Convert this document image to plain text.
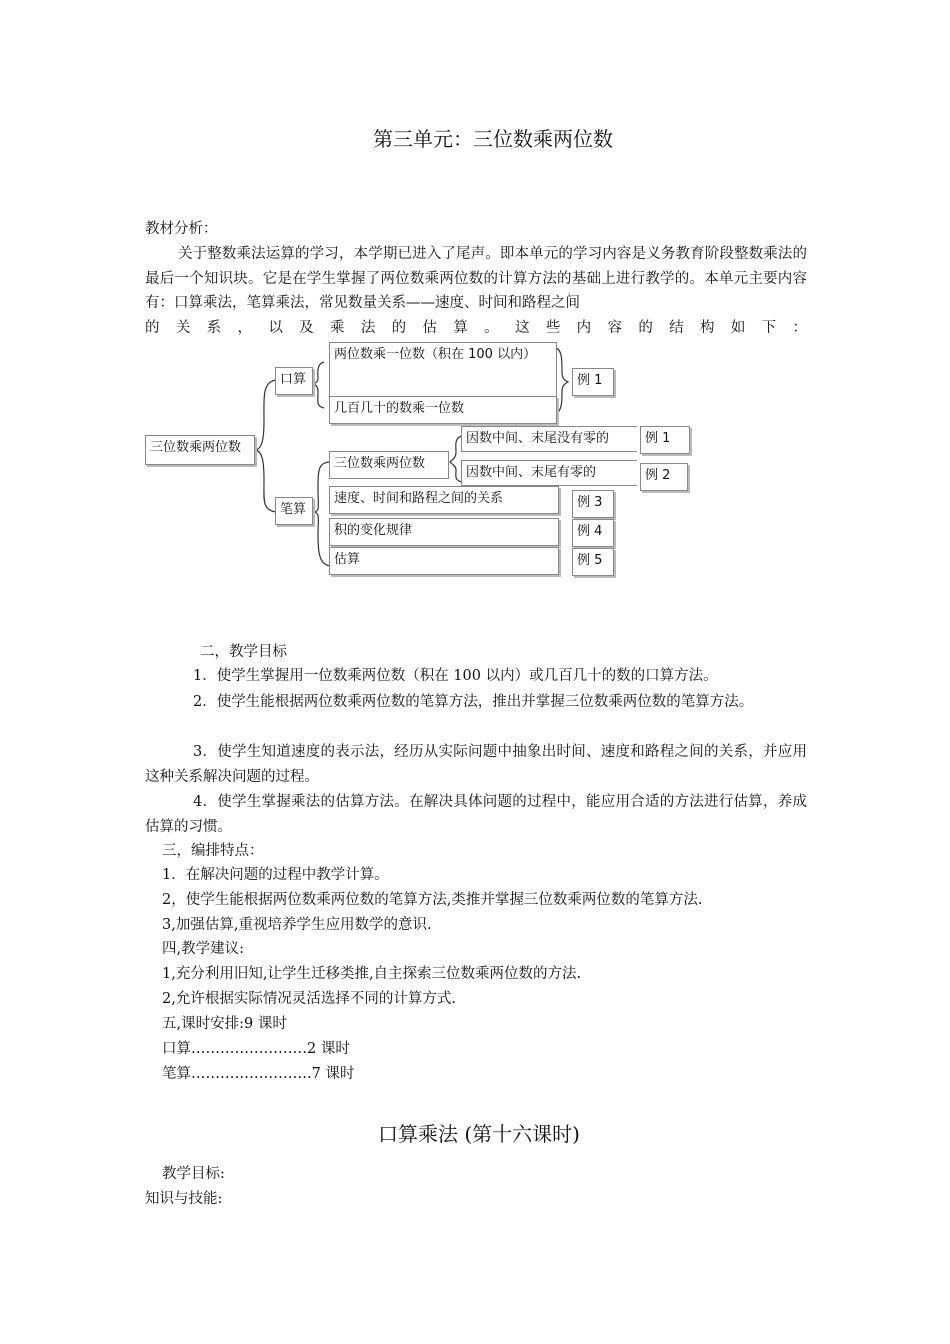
第三单元：三位数乘两位数
教材分析：
关于整数乘法运算的学习，本学期已进入了尾声。即本单元的学习内容是义务教育阶段整数乘法的最后一个知识块。它是在学生掌握了两位数乘两位数的计算方法的基础上进行教学的。本单元主要内容有：口算乘法，笔算乘法，常见数量关系——速度、时间和路程之间
的关系，以及乘法的估算。这些内容的结构如下：
三位数乘两位数
口算
两位数乘一位数（积在 100 以内）
几百几十的数乘一位数
例 1
笔算
三位数乘两位数
因数中间、末尾没有零的	例 1
因数中间、末尾有零的	例 2
速度、时间和路程之间的关系	例 3
积的变化规律	例 4
估算	例 5
二，教学目标
1．使学生掌握用一位数乘两位数（积在 100 以内）或几百几十的数的口算方法。
2．使学生能根据两位数乘两位数的笔算方法，推出并掌握三位数乘两位数的笔算方法。
3．使学生知道速度的表示法，经历从实际问题中抽象出时间、速度和路程之间的关系，并应用这种关系解决问题的过程。
4．使学生掌握乘法的估算方法。在解决具体问题的过程中，能应用合适的方法进行估算，养成估算的习惯。
三，编排特点：
1．在解决问题的过程中教学计算。
2，使学生能根据两位数乘两位数的笔算方法,类推并掌握三位数乘两位数的笔算方法.
3,加强估算,重视培养学生应用数学的意识.
四,教学建议:
1,充分利用旧知,让学生迁移类推,自主探索三位数乘两位数的方法.
2,允许根据实际情况灵活选择不同的计算方式.
五,课时安排:9 课时
口算……………………2 课时
笔算…………………….7 课时
口算乘法 (第十六课时)
教学目标:
知识与技能:
